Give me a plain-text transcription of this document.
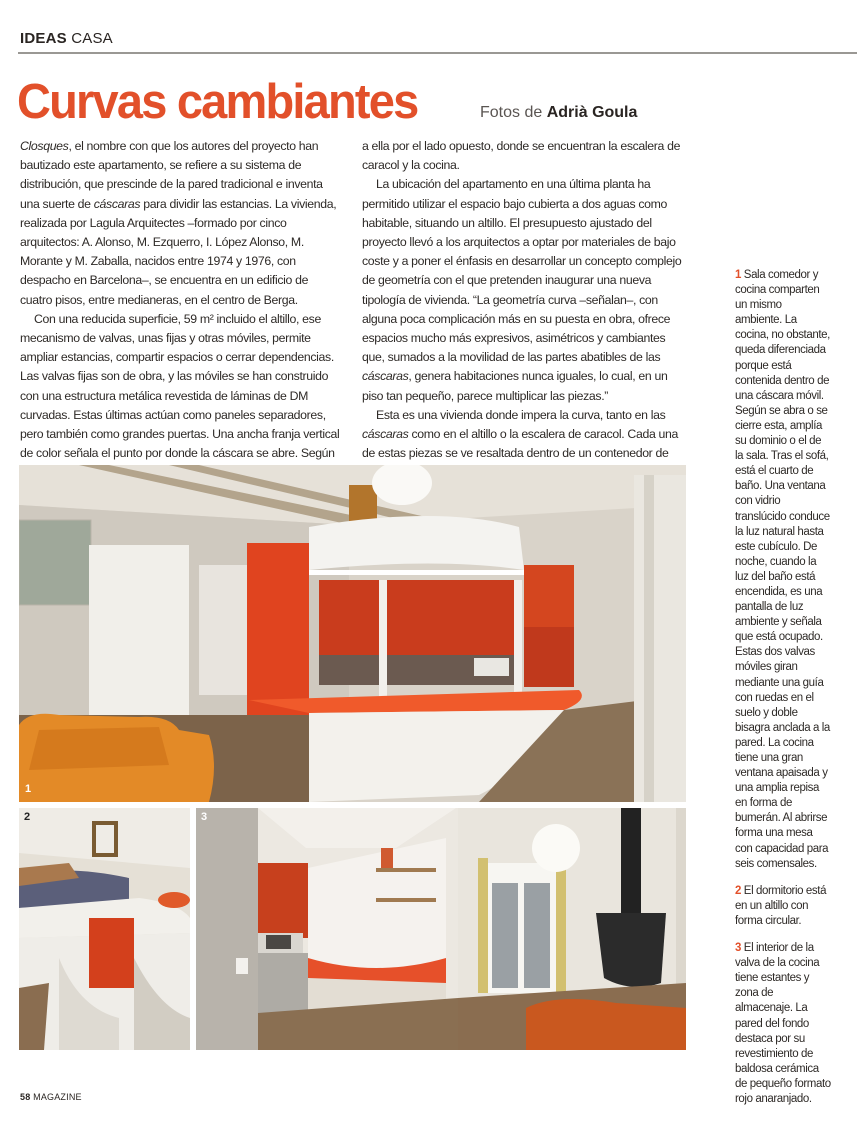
IDEAS CASA
Curvas cambiantes	Fotos de Adrià Goula

Closques, el nombre con que los autores del proyecto han bautizado este apartamento, se refiere a su sistema de distribución, que prescinde de la pared tradicional e inventa una suerte de cáscaras para dividir las estancias. La vivienda, realizada por Lagula Arquitectes –formado por cinco arquitectos: A. Alonso, M. Ezquerro, I. López Alonso, M. Morante y M. Zaballa, nacidos entre 1974 y 1976, con despacho en Barcelona–, se encuentra en un edificio de cuatro pisos, entre medianeras, en el centro de Berga.

Con una reducida superficie, 59 m² incluido el altillo, ese mecanismo de valvas, unas fijas y otras móviles, permite ampliar estancias, compartir espacios o cerrar dependencias. Las valvas fijas son de obra, y las móviles se han construido con una estructura metálica revestida de láminas de DM curvadas. Estas últimas actúan como paneles separadores, pero también como grandes puertas. Una ancha franja vertical de color señala el punto por donde la cáscara se abre. Según

a ella por el lado opuesto, donde se encuentran la escalera de caracol y la cocina.

La ubicación del apartamento en una última planta ha permitido utilizar el espacio bajo cubierta a dos aguas como habitable, situando un altillo. El presupuesto ajustado del proyecto llevó a los arquitectos a optar por materiales de bajo coste y a poner el énfasis en desarrollar un concepto complejo de geometría con el que pretenden inaugurar una nueva tipología de vivienda. “La geometría curva –señalan–, con alguna poca complicación más en su puesta en obra, ofrece espacios mucho más expresivos, asimétricos y cambiantes que, sumados a la movilidad de las partes abatibles de las cáscaras, genera habitaciones nunca iguales, lo cual, en un piso tan pequeño, parece multiplicar las piezas.”

Esta es una vivienda donde impera la curva, tanto en las cáscaras como en el altillo o la escalera de caracol. Cada una de estas piezas se ve resaltada dentro de un contenedor de

1 Sala comedor y cocina comparten un mismo ambiente. La cocina, no obstante, queda diferenciada porque está contenida dentro de una cáscara móvil. Según se abra o se cierre esta, amplía su dominio o el de la sala. Tras el sofá, está el cuarto de baño. Una ventana con vidrio translúcido conduce la luz natural hasta este cubículo. De noche, cuando la luz del baño está encendida, es una pantalla de luz ambiente y señala que está ocupado. Estas dos valvas móviles giran mediante una guía con ruedas en el suelo y doble bisagra anclada a la pared. La cocina tiene una gran ventana apaisada y una amplia repisa en forma de bumerán. Al abrirse forma una mesa con capacidad para seis comensales.

2 El dormitorio está en un altillo con forma circular.

3 El interior de la valva de la cocina tiene estantes y zona de almacenaje. La pared del fondo destaca por su revestimiento de baldosa cerámica de pequeño formato rojo anaranjado.

1
2	3
58 MAGAZINE
